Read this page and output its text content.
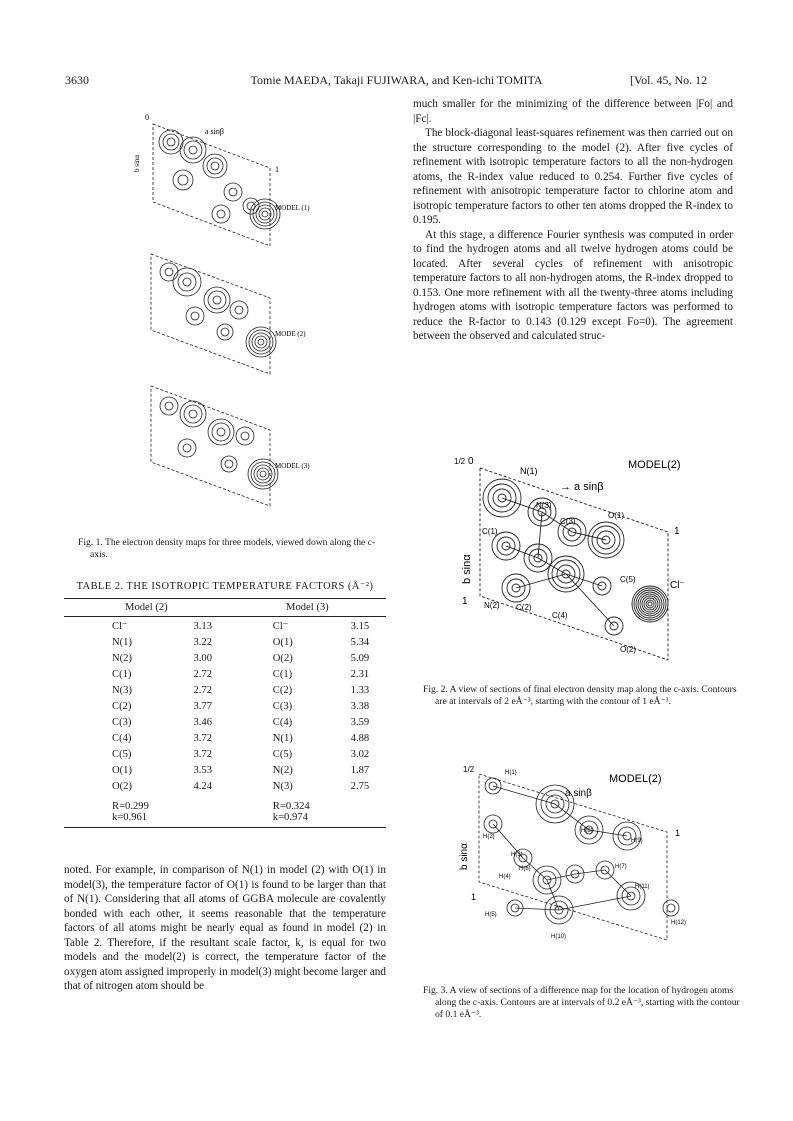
3630	Tomie MAEDA, Takaji FUJIWARA, and Ken-ichi TOMITA	[Vol. 45, No. 12
MODEL (1)
MODE (2)
MODEL (3)
a sinβ
0
b sinα	1
Fig. 1. The electron density maps for three models, viewed down along the c-axis.
TABLE 2. THE ISOTROPIC TEMPERATURE FACTORS (Å⁻²)
Model (2)		Model (3)	
Cl⁻	3.13	Cl⁻	3.15
N(1)	3.22	O(1)	5.34
N(2)	3.00	O(2)	5.09
C(1)	2.72	C(1)	2.31
N(3)	2.72	C(2)	1.33
C(2)	3.77	C(3)	3.38
C(3)	3.46	C(4)	3.59
C(4)	3.72	N(1)	4.88
C(5)	3.72	C(5)	3.02
O(1)	3.53	N(2)	1.87
O(2)	4.24	N(3)	2.75
R=0.299		R=0.324	
k=0.961		k=0.974	

noted. For example, in comparison of N(1) in model (2) with O(1) in model(3), the temperature factor of O(1) is found to be larger than that of N(1). Considering that all atoms of GGBA molecule are covalently bonded with each other, it seems reasonable that the temperature factors of all atoms might be nearly equal as found in model (2) in Table 2. Therefore, if the resultant scale factor, k, is equal for two models and the model(2) is correct, the temperature factor of the oxygen atom assigned improperly in model(3) might become larger and that of nitrogen atom should be

much smaller for the minimizing of the difference between |Fo| and |Fc|.

The block-diagonal least-squares refinement was then carried out on the structure corresponding to the model (2). After five cycles of refinement with isotropic temperature factors to all the non-hydrogen atoms, the R-index value reduced to 0.254. Further five cycles of refinement with anisotropic temperature factor to chlorine atom and isotropic temperature factors to other ten atoms dropped the R-index to 0.195.

At this stage, a difference Fourier synthesis was computed in order to find the hydrogen atoms and all twelve hydrogen atoms could be located. After several cycles of refinement with anisotropic temperature factors to all non-hydrogen atoms, the R-index dropped to 0.153. One more refinement with all the twenty-three atoms including hydrogen atoms with isotropic temperature factors was performed to reduce the R-factor to 0.143 (0.129 except Fo=0). The agreement between the observed and calculated struc-

MODEL(2)
0
1/2
→ a sinβ
b sinα
1
1
N(1)
N(3)
C(3)
O(1)
C(1)
C(5)
Cl⁻
N(2) C(2)
C(4)
O(2)
Fig. 2. A view of sections of final electron density map along the c-axis. Contours are at intervals of 2 eÅ⁻³, starting with the contour of 1 eÅ⁻³.
MODEL(2)
1/2
a sinβ
b sinα
1
1
H(1)
H(2)
H(3)
H(4)
H(5)
H(6)	H(7)
H(8)
H(9)
H(10)
H(11)
H(12)
Fig. 3. A view of sections of a difference map for the location of hydrogen atoms along the c-axis. Contours are at intervals of 0.2 eÅ⁻³, starting with the contour of 0.1 eÅ⁻³.
